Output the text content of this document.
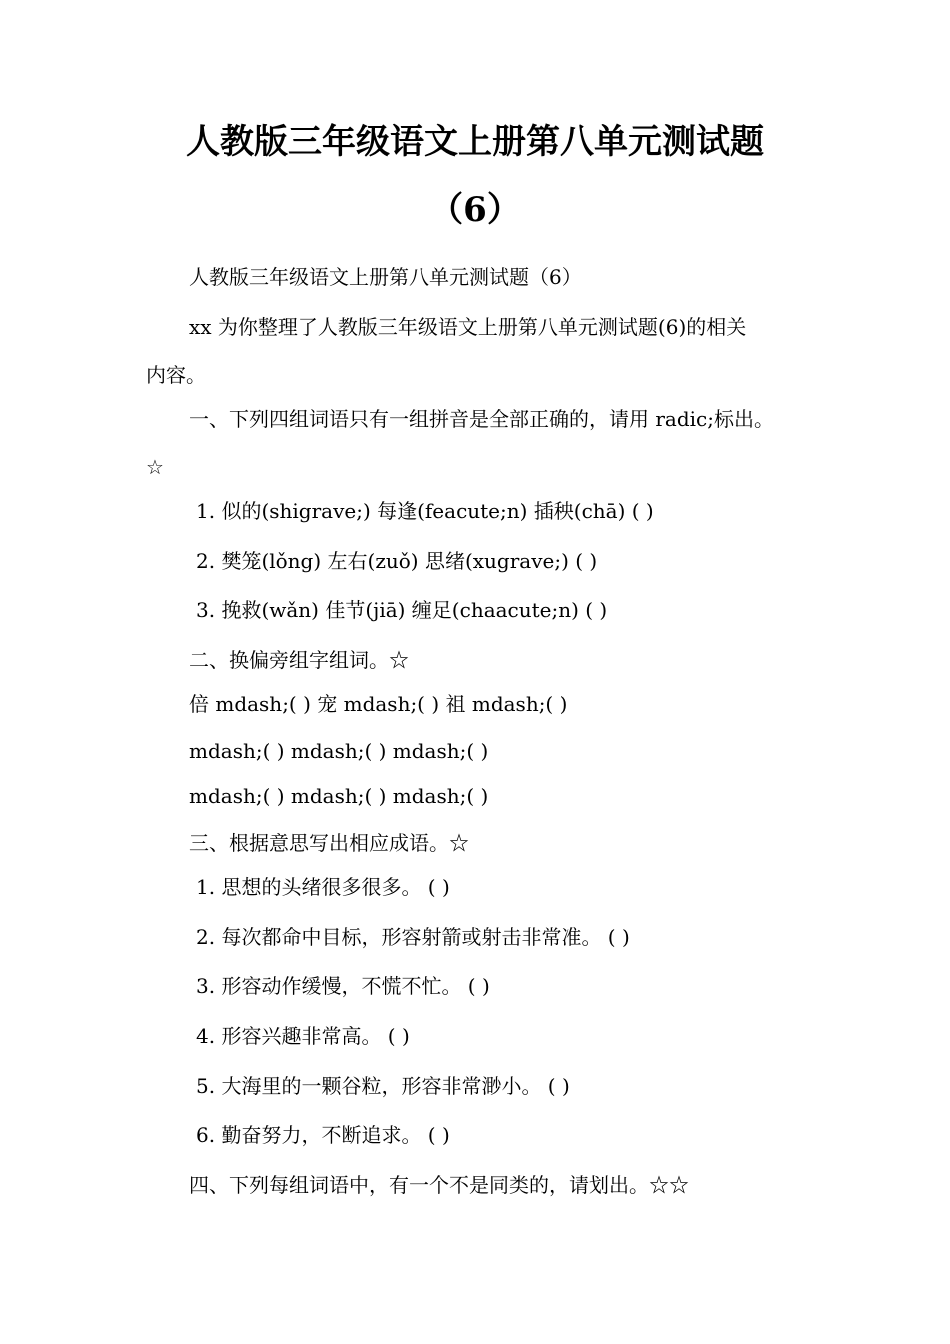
人教版三年级语文上册第八单元测试题
（6）
人教版三年级语文上册第八单元测试题（6）
xx 为你整理了人教版三年级语文上册第八单元测试题(6)的相关
内容。
一、下列四组词语只有一组拼音是全部正确的，请用 radic;标出。
☆
1. 似的(shigrave;) 每逢(feacute;n) 插秧(chā) ( )
2. 樊笼(lǒng) 左右(zuǒ) 思绪(xugrave;) ( )
3. 挽救(wǎn) 佳节(jiā) 缠足(chaacute;n) ( )
二、换偏旁组字组词。☆
倍 mdash;( ) 宠 mdash;( ) 祖 mdash;( )
mdash;( ) mdash;( ) mdash;( )
mdash;( ) mdash;( ) mdash;( )
三、根据意思写出相应成语。☆
1. 思想的头绪很多很多。 ( )
2. 每次都命中目标，形容射箭或射击非常准。 ( )
3. 形容动作缓慢，不慌不忙。 ( )
4. 形容兴趣非常高。 ( )
5. 大海里的一颗谷粒，形容非常渺小。 ( )
6. 勤奋努力，不断追求。 ( )
四、下列每组词语中，有一个不是同类的，请划出。☆☆
